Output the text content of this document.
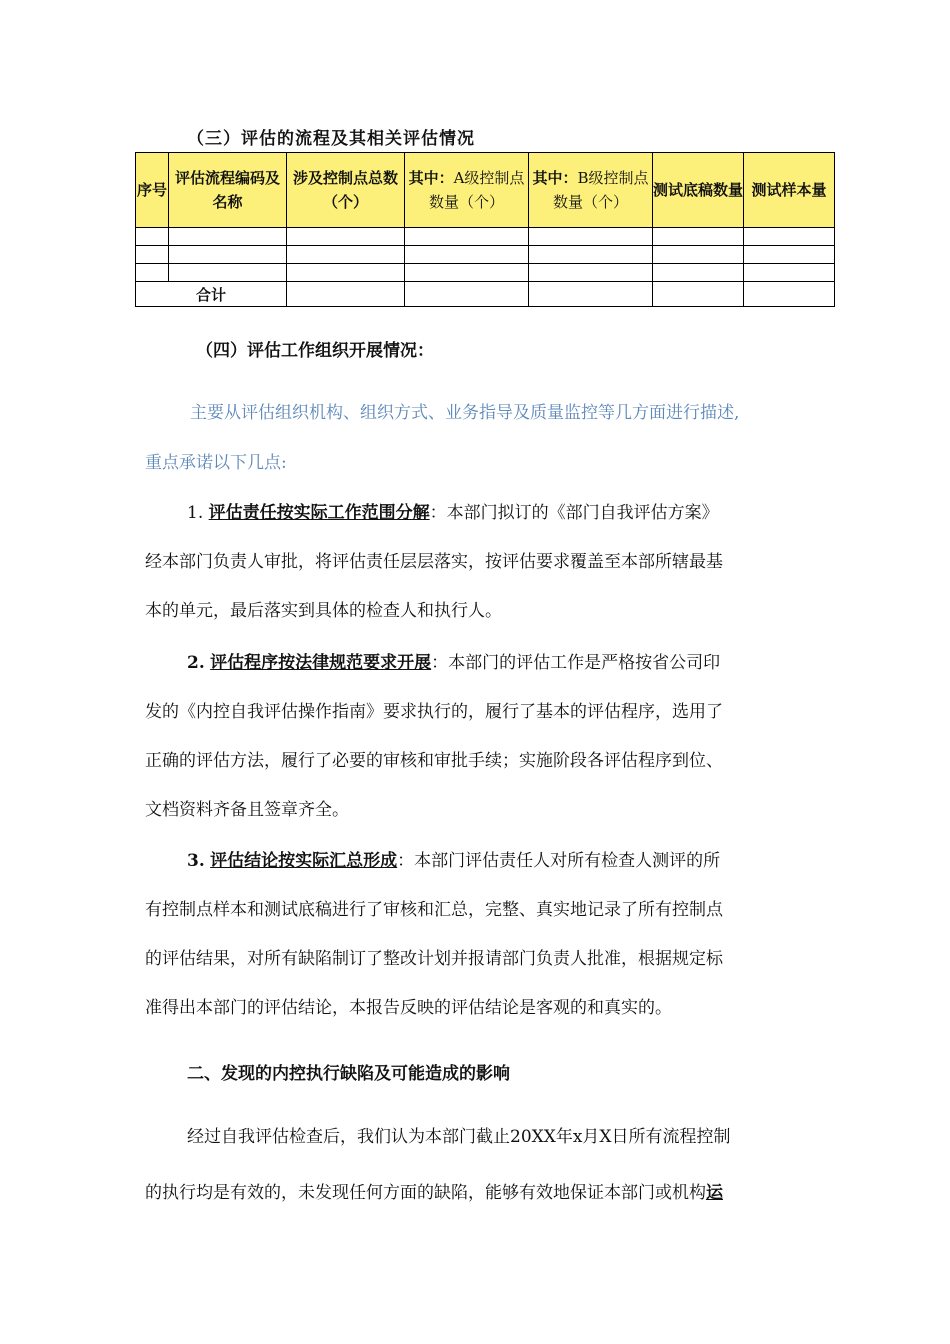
（三）评估的流程及其相关评估情况
序号	评估流程编码及名称	涉及控制点总数（个）	其中：A级控制点数量（个）	其中：B级控制点数量（个）	测试底稿数量	测试样本量

合计						
（四）评估工作组织开展情况：
主要从评估组织机构、组织方式、业务指导及质量监控等几方面进行描述,
重点承诺以下几点:
1. 评估责任按实际工作范围分解：本部门拟订的《部门自我评估方案》
经本部门负责人审批，将评估责任层层落实，按评估要求覆盖至本部所辖最基
本的单元，最后落实到具体的检查人和执行人。
2. 评估程序按法律规范要求开展：本部门的评估工作是严格按省公司印
发的《内控自我评估操作指南》要求执行的，履行了基本的评估程序，选用了
正确的评估方法，履行了必要的审核和审批手续；实施阶段各评估程序到位、
文档资料齐备且签章齐全。
3. 评估结论按实际汇总形成：本部门评估责任人对所有检查人测评的所
有控制点样本和测试底稿进行了审核和汇总，完整、真实地记录了所有控制点
的评估结果，对所有缺陷制订了整改计划并报请部门负责人批准，根据规定标
准得出本部门的评估结论，本报告反映的评估结论是客观的和真实的。
二、发现的内控执行缺陷及可能造成的影响
经过自我评估检查后，我们认为本部门截止20XX年x月X日所有流程控制
的执行均是有效的，未发现任何方面的缺陷，能够有效地保证本部门或机构运
